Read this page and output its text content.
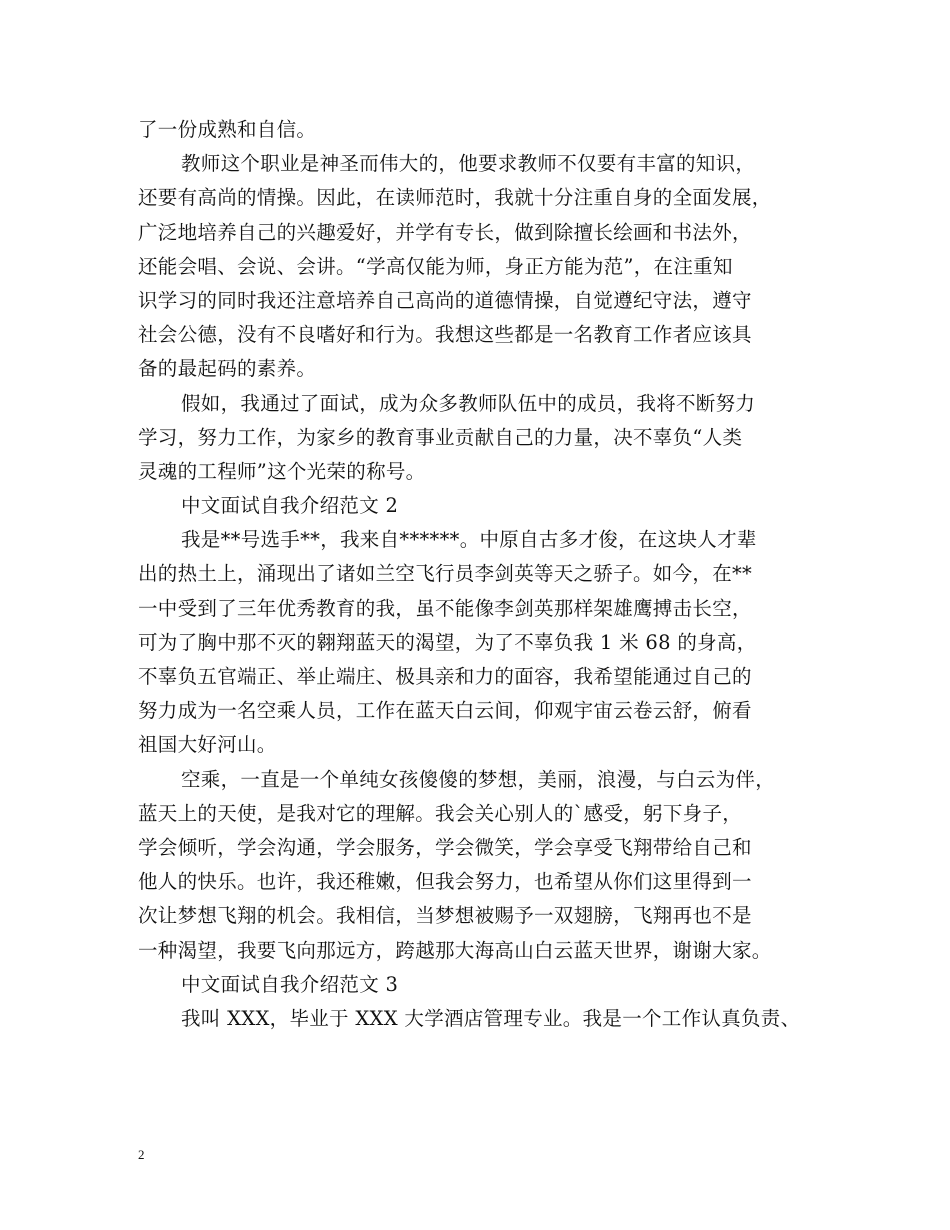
了一份成熟和自信。
教师这个职业是神圣而伟大的，他要求教师不仅要有丰富的知识，
还要有高尚的情操。因此，在读师范时，我就十分注重自身的全面发展，
广泛地培养自己的兴趣爱好，并学有专长，做到除擅长绘画和书法外，
还能会唱、会说、会讲。“学高仅能为师，身正方能为范”，在注重知
识学习的同时我还注意培养自己高尚的道德情操，自觉遵纪守法，遵守
社会公德，没有不良嗜好和行为。我想这些都是一名教育工作者应该具
备的最起码的素养。
假如，我通过了面试，成为众多教师队伍中的成员，我将不断努力
学习，努力工作，为家乡的教育事业贡献自己的力量，决不辜负“人类
灵魂的工程师”这个光荣的称号。
中文面试自我介绍范文 2
我是**号选手**，我来自******。中原自古多才俊，在这块人才辈
出的热土上，涌现出了诸如兰空飞行员李剑英等天之骄子。如今，在**
一中受到了三年优秀教育的我，虽不能像李剑英那样架雄鹰搏击长空，
可为了胸中那不灭的翱翔蓝天的渴望，为了不辜负我 1 米 68 的身高，
不辜负五官端正、举止端庄、极具亲和力的面容，我希望能通过自己的
努力成为一名空乘人员，工作在蓝天白云间，仰观宇宙云卷云舒，俯看
祖国大好河山。
空乘，一直是一个单纯女孩傻傻的梦想，美丽，浪漫，与白云为伴，
蓝天上的天使，是我对它的理解。我会关心别人的`感受，躬下身子，
学会倾听，学会沟通，学会服务，学会微笑，学会享受飞翔带给自己和
他人的快乐。也许，我还稚嫩，但我会努力，也希望从你们这里得到一
次让梦想飞翔的机会。我相信，当梦想被赐予一双翅膀，飞翔再也不是
一种渴望，我要飞向那远方，跨越那大海高山白云蓝天世界，谢谢大家。
中文面试自我介绍范文 3
我叫 XXX，毕业于 XXX 大学酒店管理专业。我是一个工作认真负责、
2
